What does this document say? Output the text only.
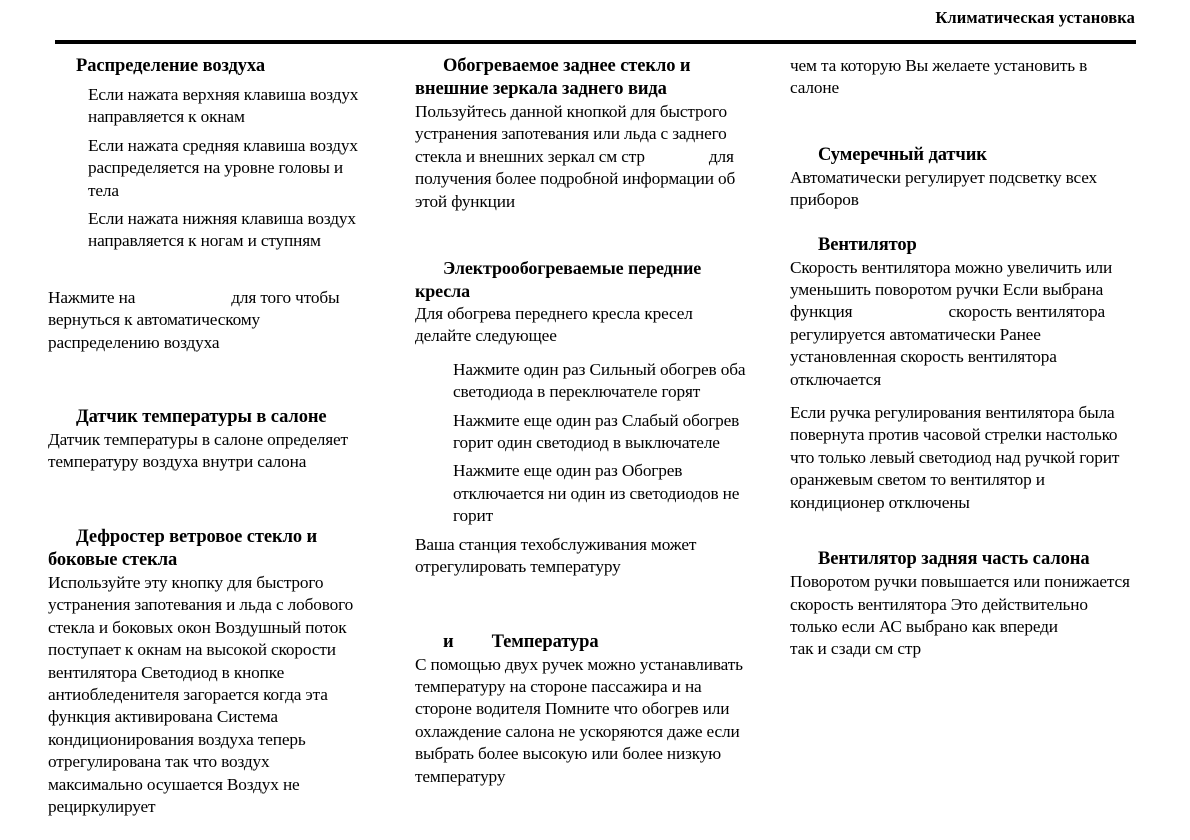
Климатическая установка
Распределение воздуха

Если нажата верхняя клавиша воздух направляется к окнам

Если нажата средняя клавиша воздух распределяется на уровне головы и тела

Если нажата нижняя клавиша воздух направляется к ногам и ступням

Нажмите на	для того чтобы вернуться к автоматическому распределению воздуха

Датчик температуры в салоне

Датчик температуры в салоне определяет температуру воздуха внутри салона

Дефростер ветровое стекло и боковые стекла

Используйте эту кнопку для быстрого устранения запотевания и льда с лобового стекла и боковых окон Воздушный поток поступает к окнам на высокой скорости вентилятора Светодиод в кнопке антиобледенителя загорается когда эта функция активирована Система кондиционирования воздуха теперь отрегулирована так что воздух максимально осушается Воздух не рециркулирует

Обогреваемое заднее стекло и внешние зеркала заднего вида

Пользуйтесь данной кнопкой для быстрого устранения запотевания или льда с заднего стекла и внешних зеркал см стр	для получения более подробной информации об этой функции

Электрообогреваемые передние кресла

Для обогрева переднего кресла кресел делайте следующее

Нажмите один раз Сильный обогрев оба светодиода в переключателе горят

Нажмите еще один раз Слабый обогрев горит один светодиод в выключателе

Нажмите еще один раз Обогрев отключается ни один из светодиодов не горит

Ваша станция техобслуживания может отрегулировать температуру

и Температура

С помощью двух ручек можно устанавливать температуру на стороне пассажира и на стороне водителя Помните что обогрев или охлаждение салона не ускоряются даже если выбрать более высокую или более низкую температуру

чем та которую Вы желаете установить в салоне

Сумеречный датчик

Автоматически регулирует подсветку всех приборов

Вентилятор

Скорость вентилятора можно увеличить или уменьшить поворотом ручки Если выбрана функция	скорость вентилятора регулируется автоматически Ранее установленная скорость вентилятора отключается

Если ручка регулирования вентилятора была повернута против часовой стрелки настолько что только левый светодиод над ручкой горит оранжевым светом то вентилятор и кондиционер отключены

Вентилятор задняя часть салона

Поворотом ручки повышается или понижается скорость вентилятора Это действительно только если АС выбрано как впередитак и сзади см стр
